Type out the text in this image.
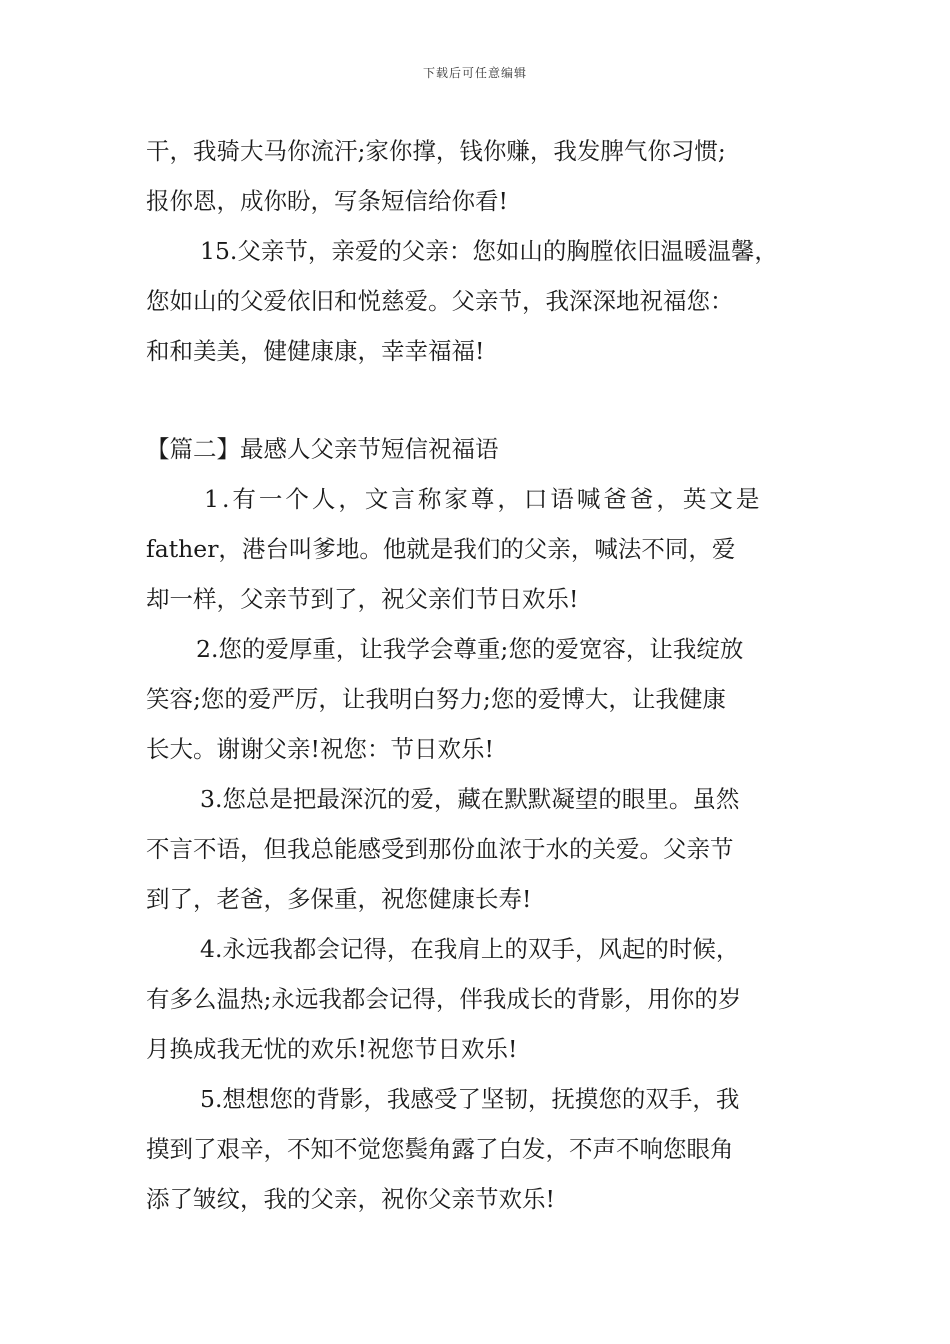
下载后可任意编辑
干，我骑大马你流汗;家你撑，钱你赚，我发脾气你习惯;
报你恩，成你盼，写条短信给你看!
15.父亲节，亲爱的父亲：您如山的胸膛依旧温暖温馨，
您如山的父爱依旧和悦慈爱。父亲节，我深深地祝福您：
和和美美，健健康康，幸幸福福!
【篇二】最感人父亲节短信祝福语
1.有一个人，文言称家尊，口语喊爸爸，英文是
father，港台叫爹地。他就是我们的父亲，喊法不同，爱
却一样，父亲节到了，祝父亲们节日欢乐!
2.您的爱厚重，让我学会尊重;您的爱宽容，让我绽放
笑容;您的爱严厉，让我明白努力;您的爱博大，让我健康
长大。谢谢父亲!祝您：节日欢乐!
3.您总是把最深沉的爱，藏在默默凝望的眼里。虽然
不言不语，但我总能感受到那份血浓于水的关爱。父亲节
到了，老爸，多保重，祝您健康长寿!
4.永远我都会记得，在我肩上的双手，风起的时候，
有多么温热;永远我都会记得，伴我成长的背影，用你的岁
月换成我无忧的欢乐!祝您节日欢乐!
5.想想您的背影，我感受了坚韧，抚摸您的双手，我
摸到了艰辛，不知不觉您鬓角露了白发，不声不响您眼角
添了皱纹，我的父亲，祝你父亲节欢乐!
